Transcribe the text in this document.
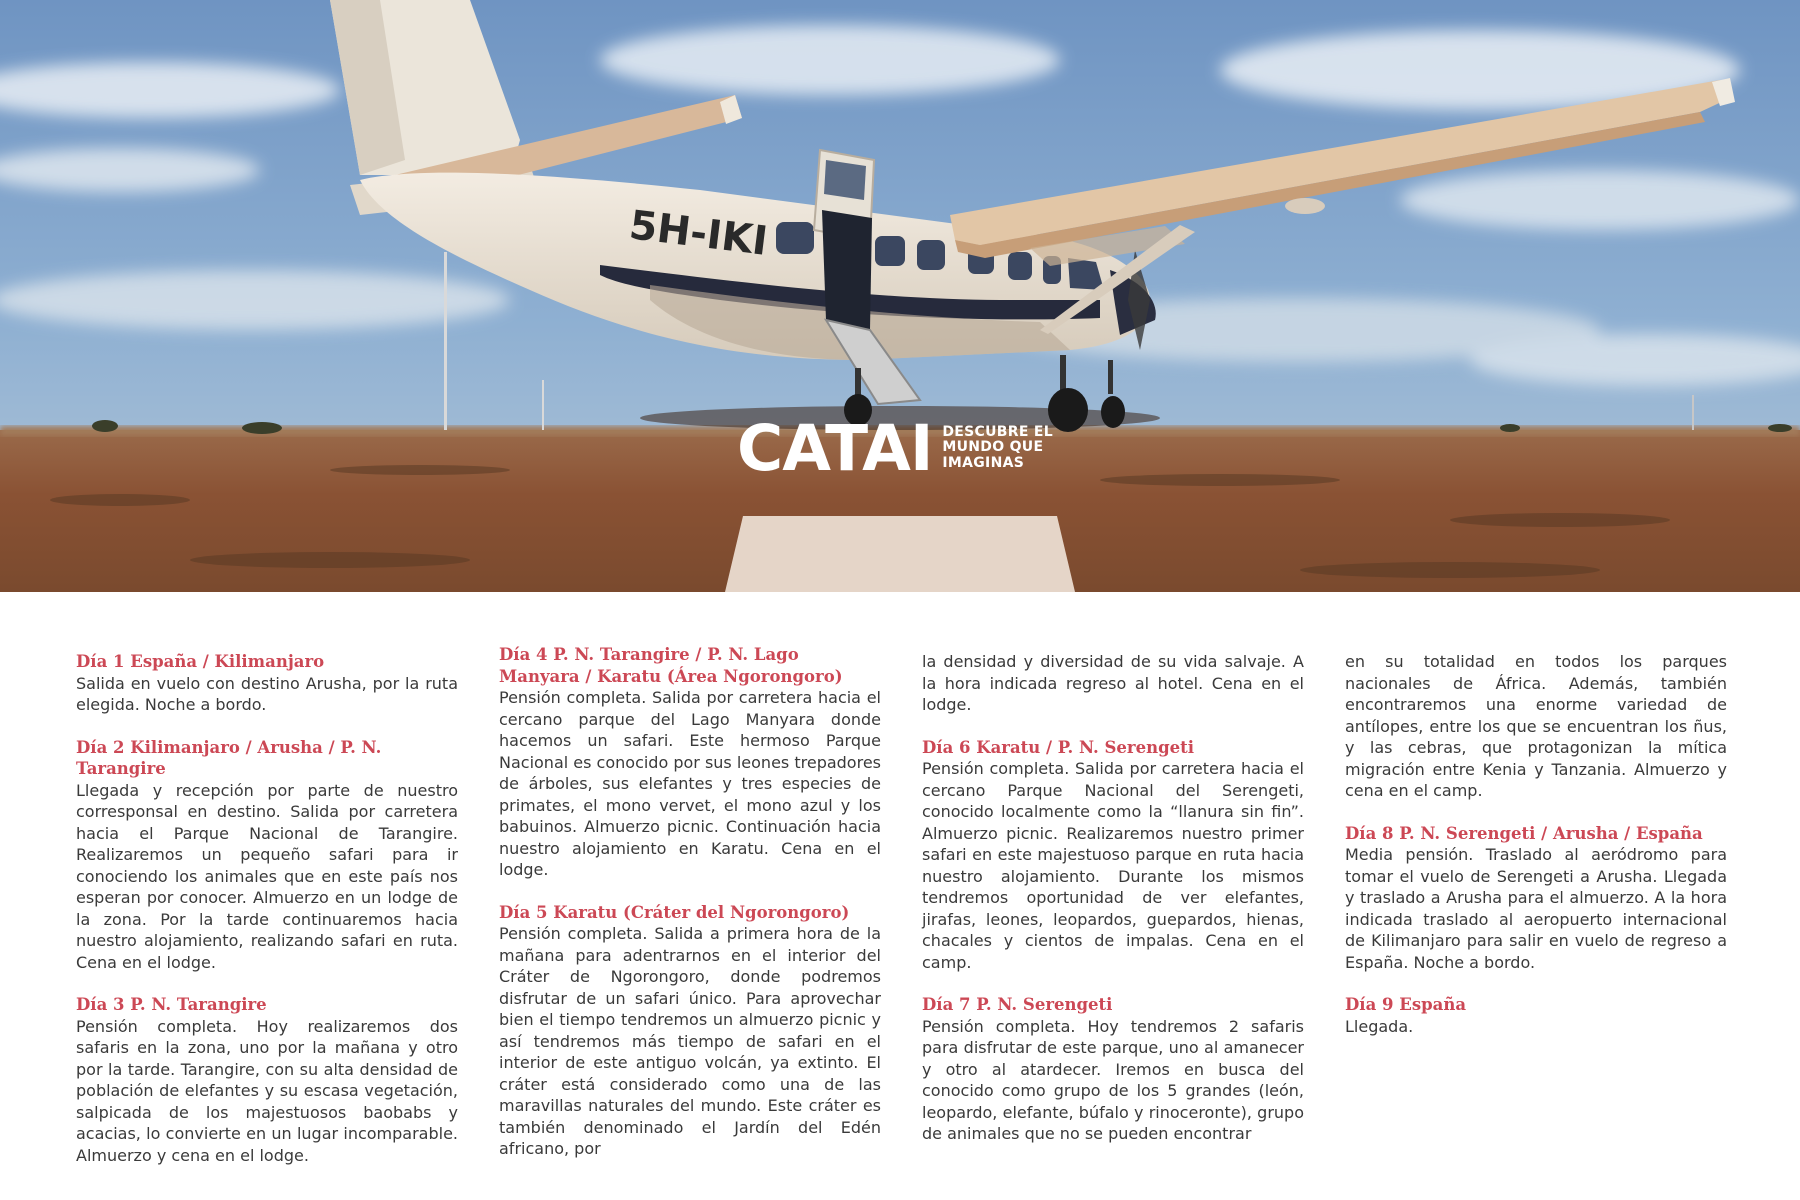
5H-IKI
CATAI DESCUBRE EL
MUNDO QUE
IMAGINAS
Día 1 España / Kilimanjaro
Salida en vuelo con destino Arusha, por la ruta elegida. Noche a bordo.
Día 2 Kilimanjaro / Arusha / P. N. Tarangire
Llegada y recepción por parte de nuestro corresponsal en destino. Salida por carretera hacia el Parque Nacional de Tarangire. Realizaremos un pequeño safari para ir conociendo los animales que en este país nos esperan por conocer. Almuerzo en un lodge de la zona. Por la tarde continuaremos hacia nuestro alojamiento, realizando safari en ruta. Cena en el lodge.
Día 3 P. N. Tarangire
Pensión completa. Hoy realizaremos dos safaris en la zona, uno por la mañana y otro por la tarde. Tarangire, con su alta densidad de población de elefantes y su escasa vegetación, salpicada de los majestuosos baobabs y acacias, lo convierte en un lugar incomparable. Almuerzo y cena en el lodge.
Día 4 P. N. Tarangire / P. N. Lago Manyara / Karatu (Área Ngorongoro)
Pensión completa. Salida por carretera hacia el cercano parque del Lago Manyara donde hacemos un safari. Este hermoso Parque Nacional es conocido por sus leones trepadores de árboles, sus elefantes y tres especies de primates, el mono vervet, el mono azul y los babuinos. Almuerzo picnic. Continuación hacia nuestro alojamiento en Karatu. Cena en el lodge.
Día 5 Karatu (Cráter del Ngorongoro)
Pensión completa. Salida a primera hora de la mañana para adentrarnos en el interior del Cráter de Ngorongoro, donde podremos disfrutar de un safari único. Para aprovechar bien el tiempo tendremos un almuerzo picnic y así tendremos más tiempo de safari en el interior de este antiguo volcán, ya extinto. El cráter está considerado como una de las maravillas naturales del mundo. Este cráter es también denominado el Jardín del Edén africano, por
la densidad y diversidad de su vida salvaje. A la hora indicada regreso al hotel. Cena en el lodge.
Día 6 Karatu / P. N. Serengeti
Pensión completa. Salida por carretera hacia el cercano Parque Nacional del Serengeti, conocido localmente como la “llanura sin fin”. Almuerzo picnic. Realizaremos nuestro primer safari en este majestuoso parque en ruta hacia nuestro alojamiento. Durante los mismos tendremos oportunidad de ver elefantes, jirafas, leones, leopardos, guepardos, hienas, chacales y cientos de impalas. Cena en el camp.
Día 7 P. N. Serengeti
Pensión completa. Hoy tendremos 2 safaris para disfrutar de este parque, uno al amanecer y otro al atardecer. Iremos en busca del conocido como grupo de los 5 grandes (león, leopardo, elefante, búfalo y rinoceronte), grupo de animales que no se pueden encontrar
en su totalidad en todos los parques nacionales de África. Además, también encontraremos una enorme variedad de antílopes, entre los que se encuentran los ñus, y las cebras, que protagonizan la mítica migración entre Kenia y Tanzania. Almuerzo y cena en el camp.
Día 8 P. N. Serengeti / Arusha / España
Media pensión. Traslado al aeródromo para tomar el vuelo de Serengeti a Arusha. Llegada y traslado a Arusha para el almuerzo. A la hora indicada traslado al aeropuerto internacional de Kilimanjaro para salir en vuelo de regreso a España. Noche a bordo.
Día 9 España
Llegada.
